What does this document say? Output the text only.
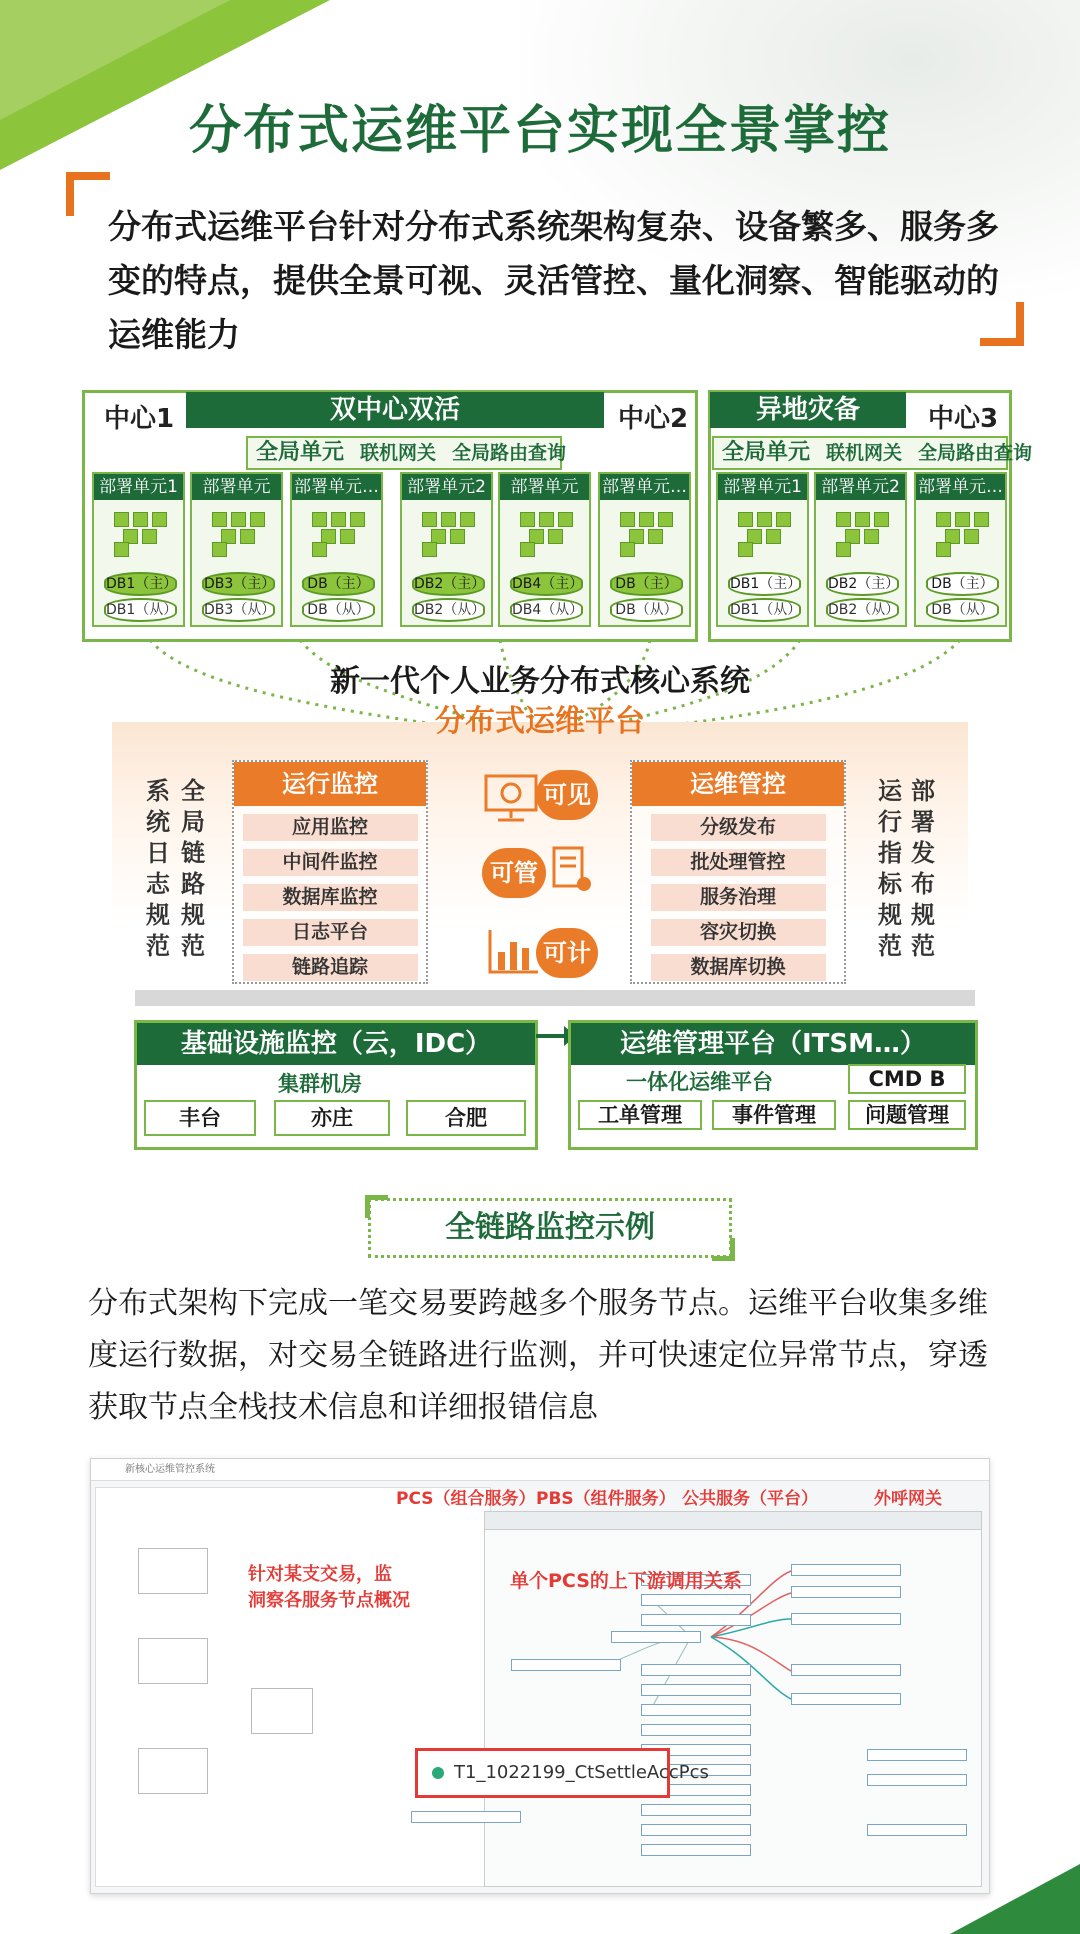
分布式运维平台实现全景掌控
分布式运维平台针对分布式系统架构复杂、设备繁多、服务多变的特点，提供全景可视、灵活管控、量化洞察、智能驱动的运维能力
中心1	中心2
双中心双活
全局单元 联机网关 全局路由查询
异地灾备	中心3
全局单元 联机网关 全局路由查询
部署单元1
DB1（主）
DB1（从）
部署单元
DB3（主）
DB3（从）
部署单元…
DB（主）
DB（从）
部署单元2
DB2（主）
DB2（从）
部署单元
DB4（主）
DB4（从）
部署单元…
DB（主）
DB（从）
部署单元1
DB1（主）
DB1（从）
部署单元2
DB2（主）
DB2（从）
部署单元…
DB（主）
DB（从）
新一代个人业务分布式核心系统
分布式运维平台
全局链路规范
系统日志规范
部署发布规范
运行指标规范
运行监控
应用监控
中间件监控
数据库监控
日志平台
链路追踪
运维管控
分级发布
批处理管控
服务治理
容灾切换
数据库切换
可见
可管
可计
基础设施监控（云，IDC）
集群机房
丰台	亦庄	合肥
运维管理平台（ITSM…）
一体化运维平台	CMD B
工单管理	事件管理	问题管理
全链路监控示例
分布式架构下完成一笔交易要跨越多个服务节点。运维平台收集多维度运行数据，对交易全链路进行监测，并可快速定位异常节点，穿透获取节点全栈技术信息和详细报错信息
新核心运维管控系统
PCS（组合服务） PBS（组件服务） 公共服务（平台）	外呼网关
针对某支交易，监
洞察各服务节点概况
单个PCS的上下游调用关系
T1_1022199_CtSettleAccPcs
